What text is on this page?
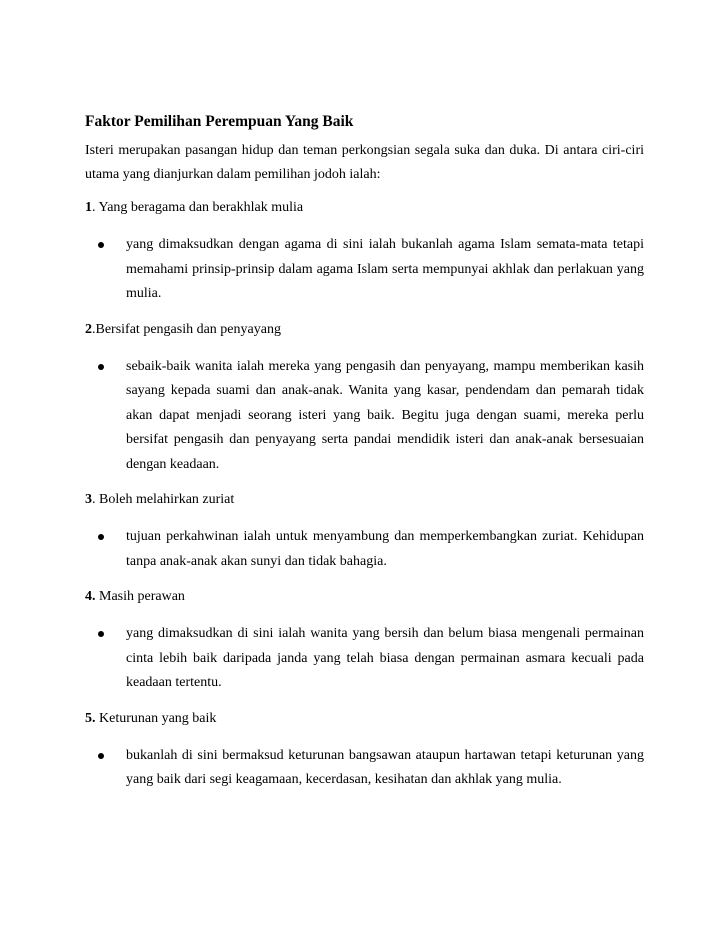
Faktor Pemilihan Perempuan Yang Baik
Isteri merupakan pasangan hidup dan teman perkongsian segala suka dan duka. Di antara ciri-ciri utama yang dianjurkan dalam pemilihan jodoh ialah:
1. Yang beragama dan berakhlak mulia
yang dimaksudkan dengan agama di sini ialah bukanlah agama Islam semata-mata tetapi memahami prinsip-prinsip dalam agama Islam serta mempunyai akhlak dan perlakuan yang mulia.
2.Bersifat pengasih dan penyayang
sebaik-baik wanita ialah mereka yang pengasih dan penyayang, mampu memberikan kasih sayang kepada suami dan anak-anak. Wanita yang kasar, pendendam dan pemarah tidak akan dapat menjadi seorang isteri yang baik. Begitu juga dengan suami, mereka perlu bersifat pengasih dan penyayang serta pandai mendidik isteri dan anak-anak bersesuaian dengan keadaan.
3. Boleh melahirkan zuriat
tujuan perkahwinan ialah untuk menyambung dan memperkembangkan zuriat. Kehidupan tanpa anak-anak akan sunyi dan tidak bahagia.
4. Masih perawan
yang dimaksudkan di sini ialah wanita yang bersih dan belum biasa mengenali permainan cinta lebih baik daripada janda yang telah biasa dengan permainan asmara kecuali pada keadaan tertentu.
5. Keturunan yang baik
bukanlah di sini bermaksud keturunan bangsawan ataupun hartawan tetapi keturunan yang yang baik dari segi keagamaan, kecerdasan, kesihatan dan akhlak yang mulia.
